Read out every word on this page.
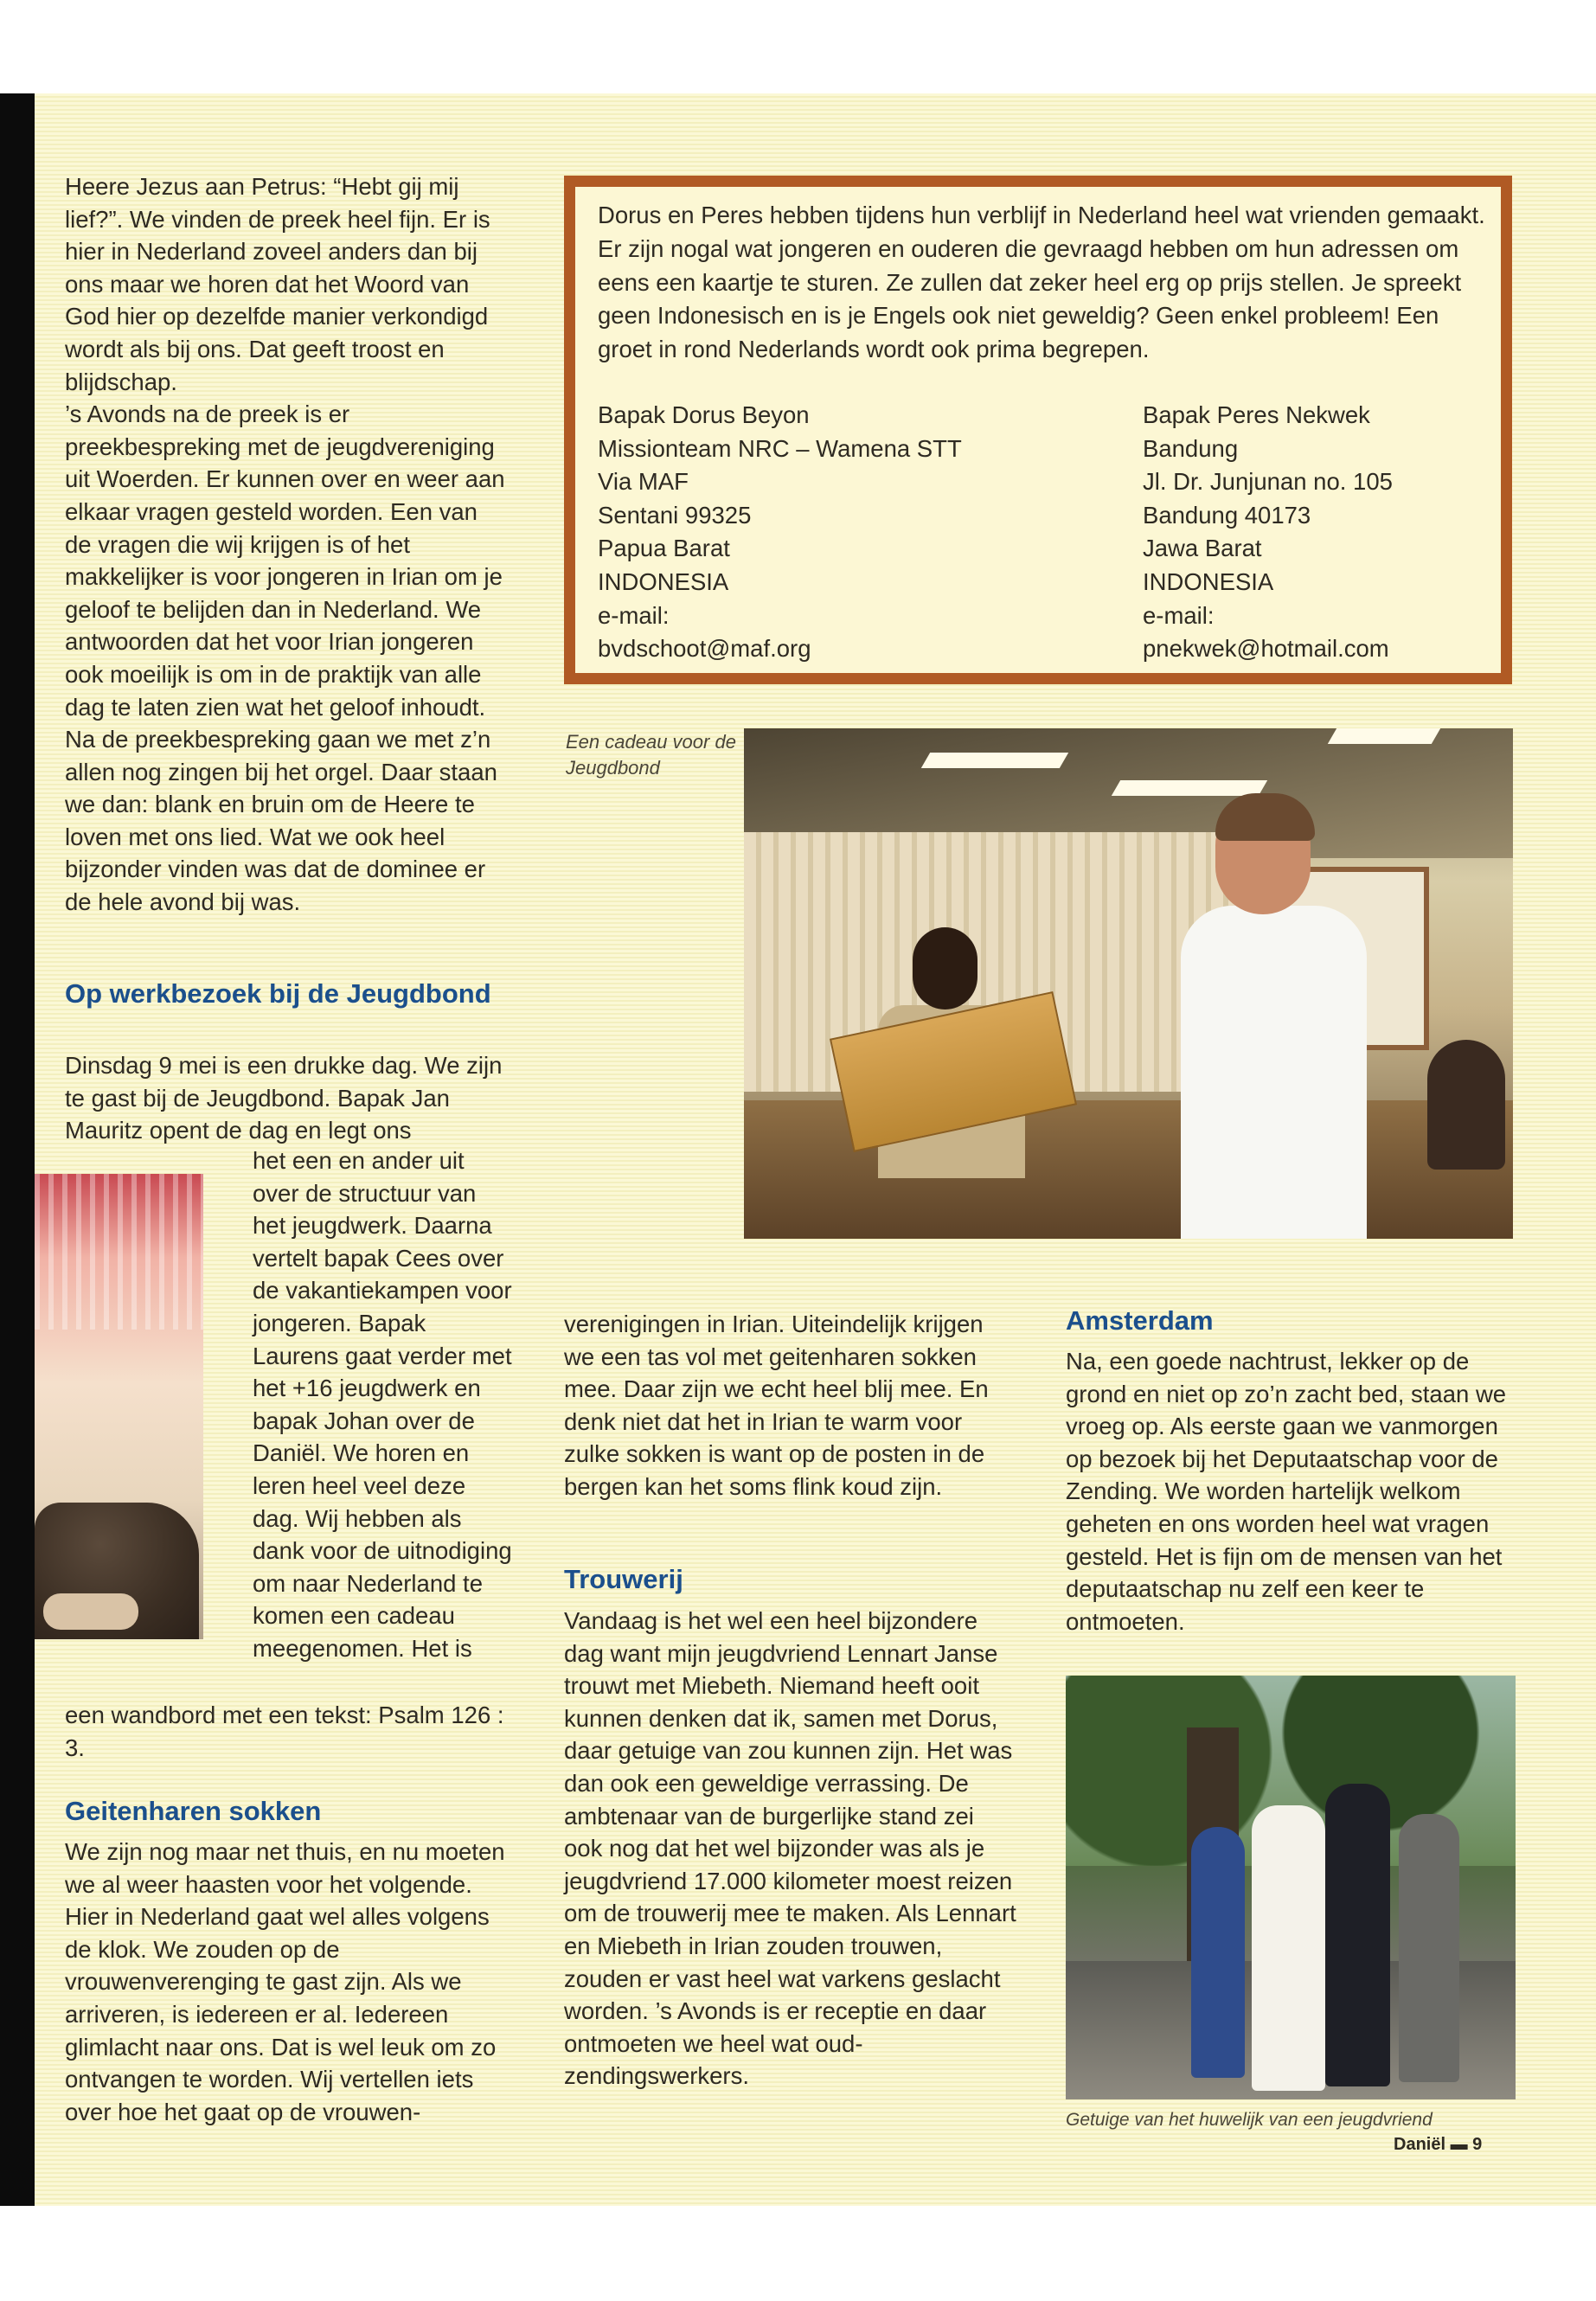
Heere Jezus aan Petrus: “Hebt gij mij lief?”. We vinden de preek heel fijn. Er is hier in Nederland zoveel anders dan bij ons maar we horen dat het Woord van God hier op dezelfde manier verkondigd wordt als bij ons. Dat geeft troost en blijdschap.

’s Avonds na de preek is er preekbespreking met de jeugdvereniging uit Woerden. Er kunnen over en weer aan elkaar vragen gesteld worden. Een van de vragen die wij krijgen is of het makkelijker is voor jongeren in Irian om je geloof te belijden dan in Nederland. We antwoorden dat het voor Irian jongeren ook moeilijk is om in de praktijk van alle dag te laten zien wat het geloof inhoudt. Na de preekbespreking gaan we met z’n allen nog zingen bij het orgel. Daar staan we dan: blank en bruin om de Heere te loven met ons lied. Wat we ook heel bijzonder vinden was dat de dominee er de hele avond bij was.

Op werkbezoek bij de Jeugdbond

Dinsdag 9 mei is een drukke dag. We zijn te gast bij de Jeugdbond. Bapak Jan Mauritz opent de dag en legt ons

het een en ander uit over de structuur van het jeugdwerk. Daarna vertelt bapak Cees over de vakantiekampen voor jongeren. Bapak Laurens gaat verder met het +16 jeugdwerk en bapak Johan over de Daniël. We horen en leren heel veel deze dag. Wij hebben als dank voor de uitnodiging om naar Nederland te komen een cadeau meegenomen. Het is

een wandbord met een tekst: Psalm 126 : 3.

Geitenharen sokken

We zijn nog maar net thuis, en nu moeten we al weer haasten voor het volgende. Hier in Nederland gaat wel alles volgens de klok. We zouden op de vrouwenverenging te gast zijn. Als we arriveren, is iedereen er al. Iedereen glimlacht naar ons. Dat is wel leuk om zo ontvangen te worden. Wij vertellen iets over hoe het gaat op de vrouwen-

Dorus en Peres hebben tijdens hun verblijf in Nederland heel wat vrienden gemaakt. Er zijn nogal wat jongeren en ouderen die gevraagd hebben om hun adressen om eens een kaartje te sturen. Ze zullen dat zeker heel erg op prijs stellen. Je spreekt geen Indonesisch en is je Engels ook niet geweldig? Geen enkel probleem! Een groet in rond Nederlands wordt ook prima begrepen.

Bapak Dorus Beyon
Missionteam NRC – Wamena STT
Via MAF
Sentani 99325
Papua Barat
INDONESIA
e-mail:
bvdschoot@maf.org
Bapak Peres Nekwek
Bandung
Jl. Dr. Junjunan no. 105
Bandung 40173
Jawa Barat
INDONESIA
e-mail:
pnekwek@hotmail.com
Een cadeau voor de Jeugdbond

verenigingen in Irian. Uiteindelijk krijgen we een tas vol met geitenharen sokken mee. Daar zijn we echt heel blij mee. En denk niet dat het in Irian te warm voor zulke sokken is want op de posten in de bergen kan het soms flink koud zijn.

Trouwerij

Vandaag is het wel een heel bijzondere dag want mijn jeugdvriend Lennart Janse trouwt met Miebeth. Niemand heeft ooit kunnen denken dat ik, samen met Dorus, daar getuige van zou kunnen zijn. Het was dan ook een geweldige verrassing. De ambtenaar van de burgerlijke stand zei ook nog dat het wel bijzonder was als je jeugdvriend 17.000 kilometer moest reizen om de trouwerij mee te maken. Als Lennart en Miebeth in Irian zouden trouwen, zouden er vast heel wat varkens geslacht worden. ’s Avonds is er receptie en daar ontmoeten we heel wat oud-zendingswerkers.

Amsterdam

Na, een goede nachtrust, lekker op de grond en niet op zo’n zacht bed, staan we vroeg op. Als eerste gaan we vanmorgen op bezoek bij het Deputaatschap voor de Zending. We worden hartelijk welkom geheten en ons worden heel wat vragen gesteld. Het is fijn om de mensen van het deputaatschap nu zelf een keer te ontmoeten.

Getuige van het huwelijk van een jeugdvriend
Daniël ▬ 9
